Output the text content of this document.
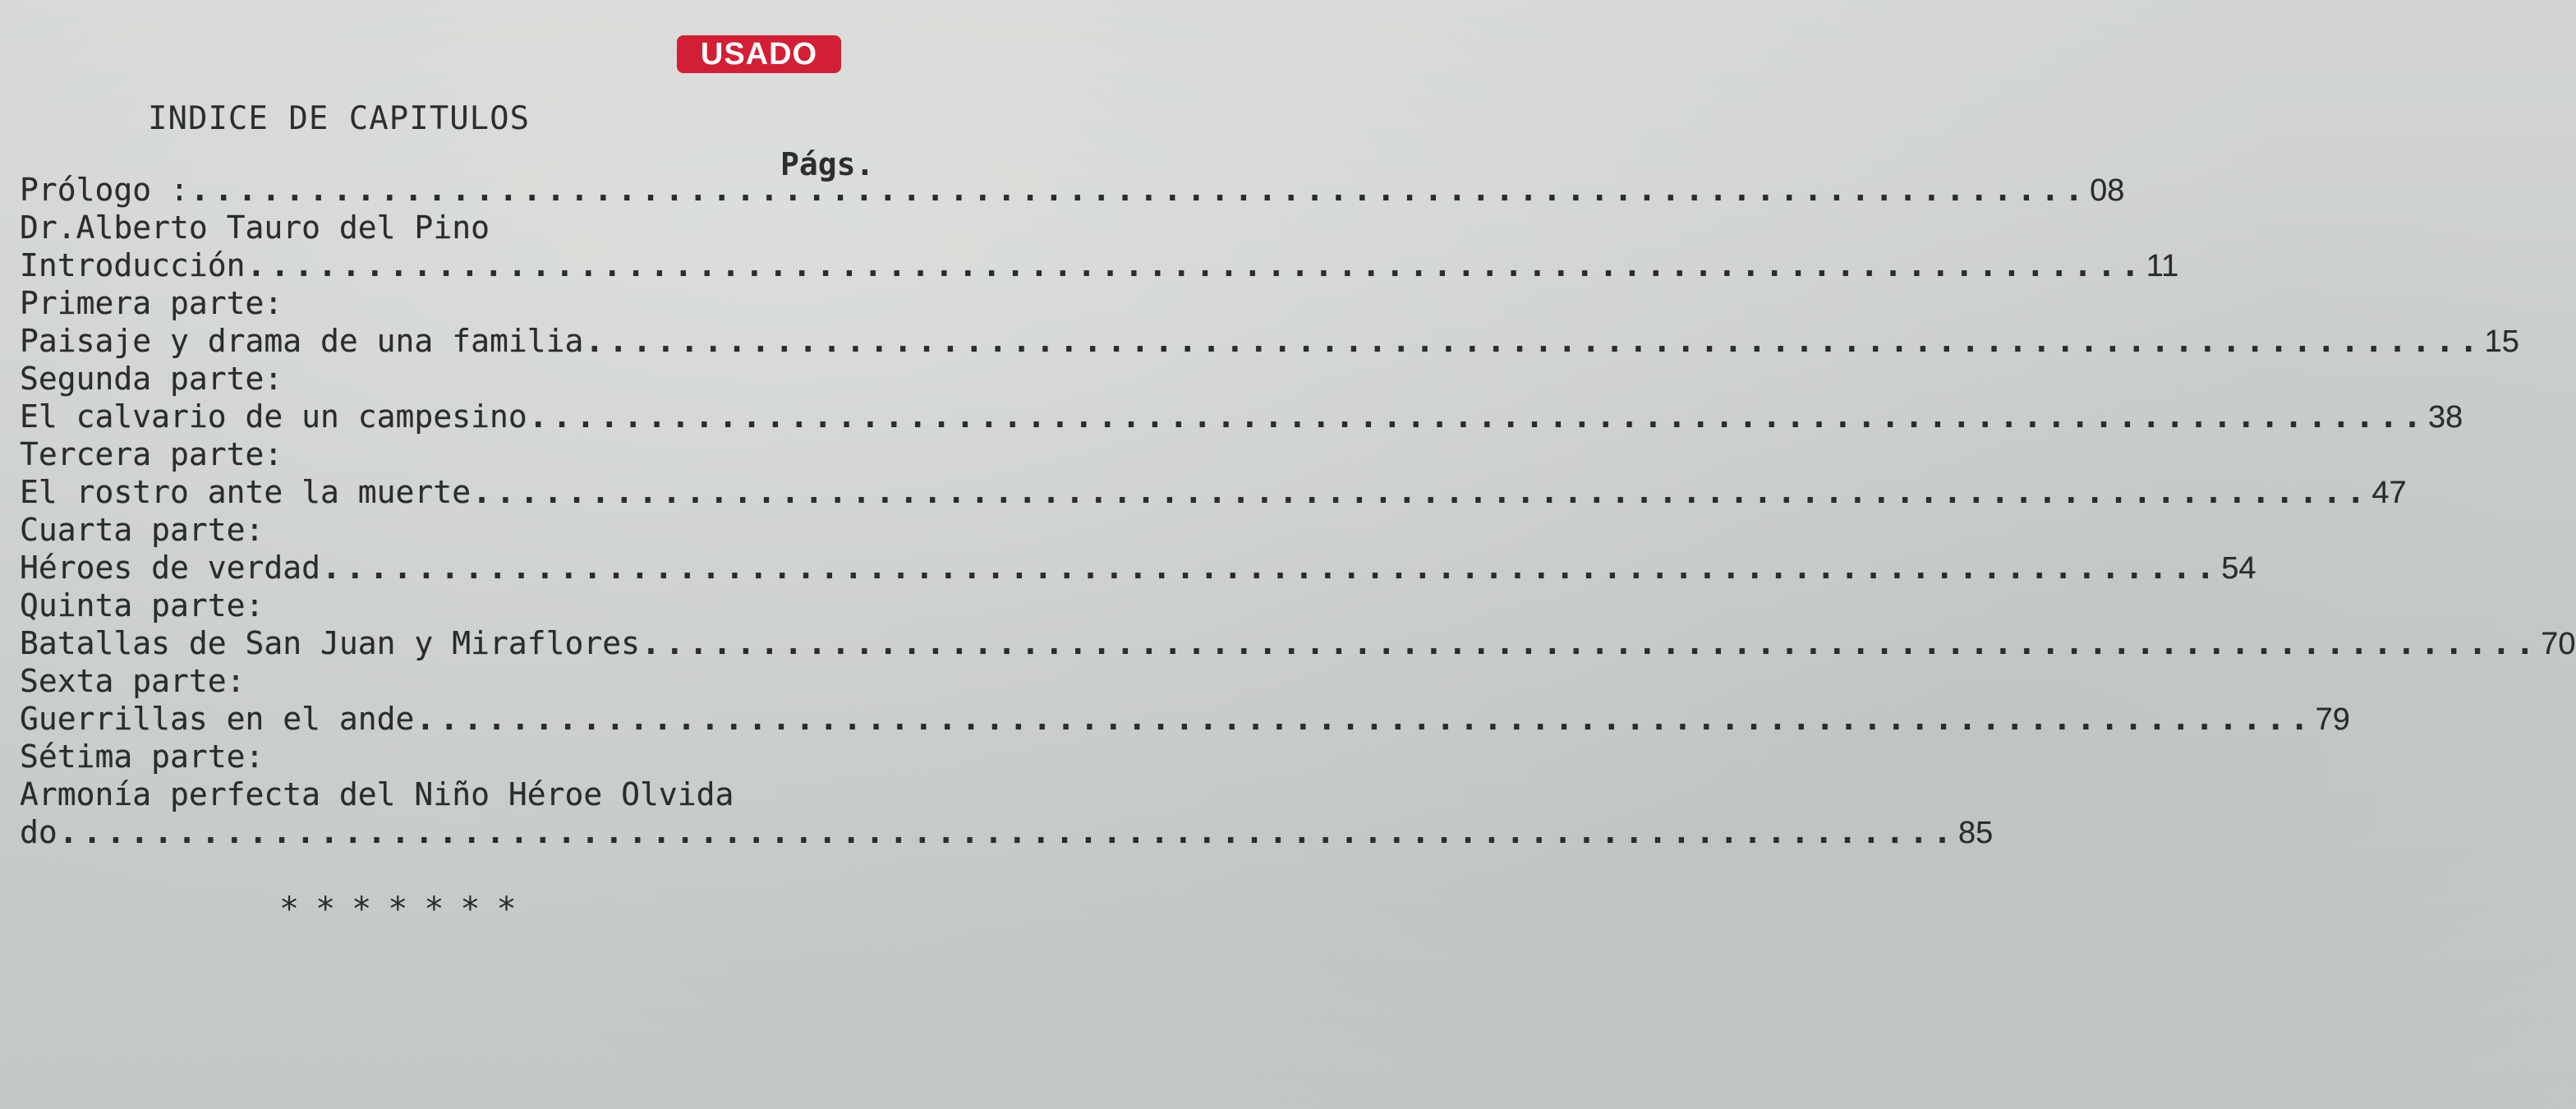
USADO
INDICE DE CAPITULOS
Págs.
Prólogo : ................................................................................ 08
Dr.Alberto Tauro del Pino
Introducción ................................................................................ 11
Primera parte:
Paisaje y drama de una familia ................................................................................ 15
Segunda parte:
El calvario de un campesino ................................................................................ 38
Tercera parte:
El rostro ante la muerte ................................................................................ 47
Cuarta parte:
Héroes de verdad ................................................................................ 54
Quinta parte:
Batallas de San Juan y Miraflores ................................................................................ 70
Sexta parte:
Guerrillas en el ande ................................................................................ 79
Sétima parte:
Armonía perfecta del Niño Héroe Olvida
do ................................................................................ 85
*******
